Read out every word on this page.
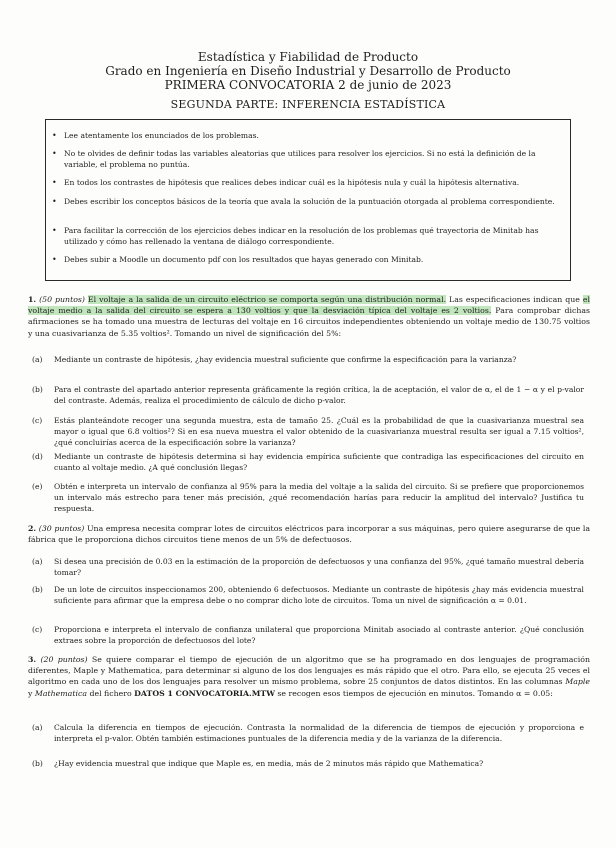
Estadística y Fiabilidad de Producto
Grado en Ingeniería en Diseño Industrial y Desarrollo de Producto
PRIMERA CONVOCATORIA 2 de junio de 2023
SEGUNDA PARTE: INFERENCIA ESTADÍSTICA
• Lee atentamente los enunciados de los problemas.
• No te olvides de definir todas las variables aleatorias que utilices para resolver los ejercicios. Si no está la definición de la variable, el problema no puntúa.
• En todos los contrastes de hipótesis que realices debes indicar cuál es la hipótesis nula y cuál la hipótesis alternativa.
• Debes escribir los conceptos básicos de la teoría que avala la solución de la puntuación otorgada al problema correspondiente.
• Para facilitar la corrección de los ejercicios debes indicar en la resolución de los problemas qué trayectoria de Minitab has utilizado y cómo has rellenado la ventana de diálogo correspondiente.
• Debes subir a Moodle un documento pdf con los resultados que hayas generado con Minitab.
1. (50 puntos) El voltaje a la salida de un circuito eléctrico se comporta según una distribución normal. Las especificaciones indican que el voltaje medio a la salida del circuito se espera a 130 voltios y que la desviación típica del voltaje es 2 voltios. Para comprobar dichas afirmaciones se ha tomado una muestra de lecturas del voltaje en 16 circuitos independientes obteniendo un voltaje medio de 130.75 voltios y una cuasivarianza de 5.35 voltios². Tomando un nivel de significación del 5%:
(a) Mediante un contraste de hipótesis, ¿hay evidencia muestral suficiente que confirme la especificación para la varianza?
(b) Para el contraste del apartado anterior representa gráficamente la región crítica, la de aceptación, el valor de α, el de 1 − α y el p-valor del contraste. Además, realiza el procedimiento de cálculo de dicho p-valor.
(c) Estás planteándote recoger una segunda muestra, esta de tamaño 25. ¿Cuál es la probabilidad de que la cuasivarianza muestral sea mayor o igual que 6.8 voltios²? Si en esa nueva muestra el valor obtenido de la cuasivarianza muestral resulta ser igual a 7.15 voltios², ¿qué concluirías acerca de la especificación sobre la varianza?
(d) Mediante un contraste de hipótesis determina si hay evidencia empírica suficiente que contradiga las especificaciones del circuito en cuanto al voltaje medio. ¿A qué conclusión llegas?
(e) Obtén e interpreta un intervalo de confianza al 95% para la media del voltaje a la salida del circuito. Si se prefiere que proporcionemos un intervalo más estrecho para tener más precisión, ¿qué recomendación harías para reducir la amplitud del intervalo? Justifica tu respuesta.
2. (30 puntos) Una empresa necesita comprar lotes de circuitos eléctricos para incorporar a sus máquinas, pero quiere asegurarse de que la fábrica que le proporciona dichos circuitos tiene menos de un 5% de defectuosos.
(a) Si desea una precisión de 0.03 en la estimación de la proporción de defectuosos y una confianza del 95%, ¿qué tamaño muestral debería tomar?
(b) De un lote de circuitos inspeccionamos 200, obteniendo 6 defectuosos. Mediante un contraste de hipótesis ¿hay más evidencia muestral suficiente para afirmar que la empresa debe o no comprar dicho lote de circuitos. Toma un nivel de significación α = 0.01.
(c) Proporciona e interpreta el intervalo de confianza unilateral que proporciona Minitab asociado al contraste anterior. ¿Qué conclusión extraes sobre la proporción de defectuosos del lote?
3. (20 puntos) Se quiere comparar el tiempo de ejecución de un algoritmo que se ha programado en dos lenguajes de programación diferentes, Maple y Mathematica, para determinar si alguno de los dos lenguajes es más rápido que el otro. Para ello, se ejecuta 25 veces el algoritmo en cada uno de los dos lenguajes para resolver un mismo problema, sobre 25 conjuntos de datos distintos. En las columnas Maple y Mathematica del fichero DATOS 1 CONVOCATORIA.MTW se recogen esos tiempos de ejecución en minutos. Tomando α = 0.05:
(a) Calcula la diferencia en tiempos de ejecución. Contrasta la normalidad de la diferencia de tiempos de ejecución y proporciona e interpreta el p-valor. Obtén también estimaciones puntuales de la diferencia media y de la varianza de la diferencia.
(b) ¿Hay evidencia muestral que indique que Maple es, en media, más de 2 minutos más rápido que Mathematica?
